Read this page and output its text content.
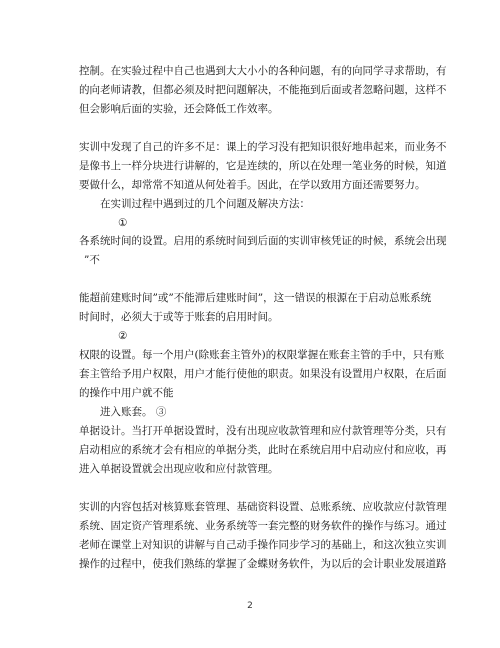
控制。在实验过程中自己也遇到大大小小的各种问题，有的向同学寻求帮助，有
的向老师请教，但都必须及时把问题解决，不能拖到后面或者忽略问题，这样不
但会影响后面的实验，还会降低工作效率。
实训中发现了自己的许多不足：课上的学习没有把知识很好地串起来，而业务不
是像书上一样分块进行讲解的，它是连续的，所以在处理一笔业务的时候，知道
要做什么，却常常不知道从何处着手。因此，在学以致用方面还需要努力。
在实训过程中遇到过的几个问题及解决方法：
①
各系统时间的设置。启用的系统时间到后面的实训审核凭证的时候，系统会出现
”不
能超前建账时间”或”不能滞后建账时间”，这一错误的根源在于启动总账系统
时间时，必须大于或等于账套的启用时间。
②
权限的设置。每一个用户(除账套主管外)的权限掌握在账套主管的手中，只有账
套主管给予用户权限，用户才能行使他的职责。如果没有设置用户权限，在后面
的操作中用户就不能
进入账套。 ③
单据设计。当打开单据设置时，没有出现应收款管理和应付款管理等分类，只有
启动相应的系统才会有相应的单据分类，此时在系统启用中启动应付和应收，再
进入单据设置就会出现应收和应付款管理。
实训的内容包括对核算账套管理、基础资料设置、总账系统、应收款应付款管理
系统、固定资产管理系统、业务系统等一套完整的财务软件的操作与练习。通过
老师在课堂上对知识的讲解与自己动手操作同步学习的基础上，和这次独立实训
操作的过程中，使我们熟练的掌握了金蝶财务软件，为以后的会计职业发展道路
2
